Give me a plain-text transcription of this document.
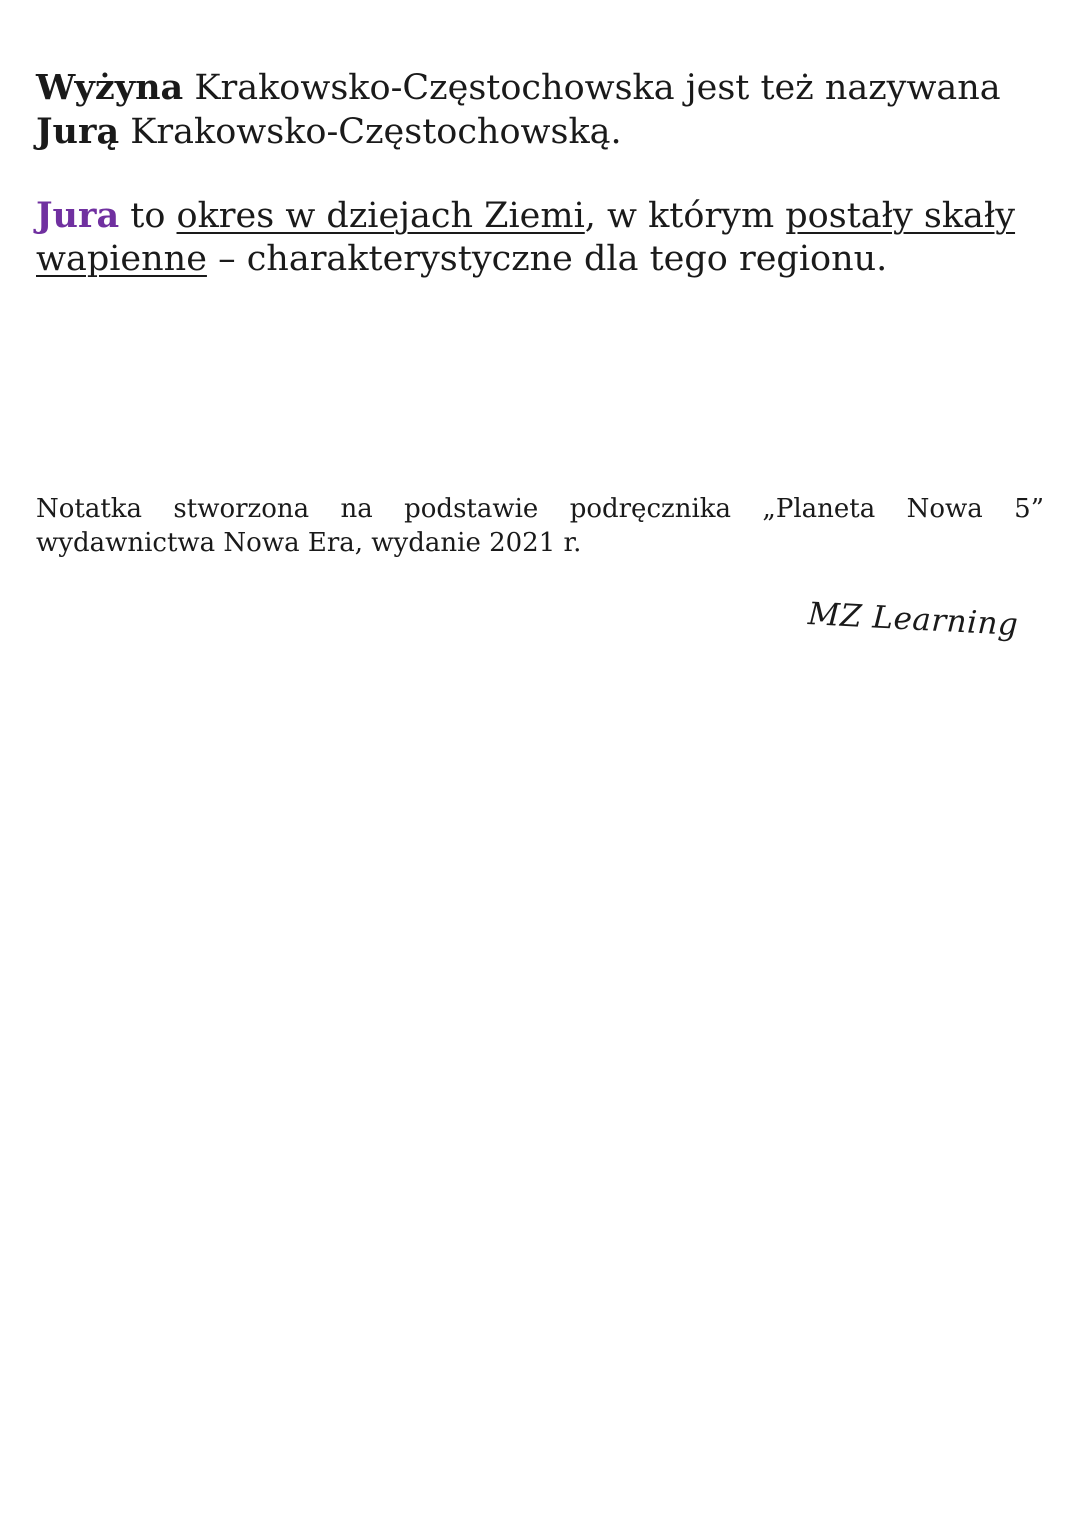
Wyżyna Krakowsko-Częstochowska jest też nazywana
Jurą Krakowsko-Częstochowską.

Jura to okres w dziejach Ziemi, w którym postały skały
wapienne – charakterystyczne dla tego regionu.

Notatka stworzona na podstawie podręcznika „Planeta Nowa 5”
wydawnictwa Nowa Era, wydanie 2021 r.
MZ Learning
